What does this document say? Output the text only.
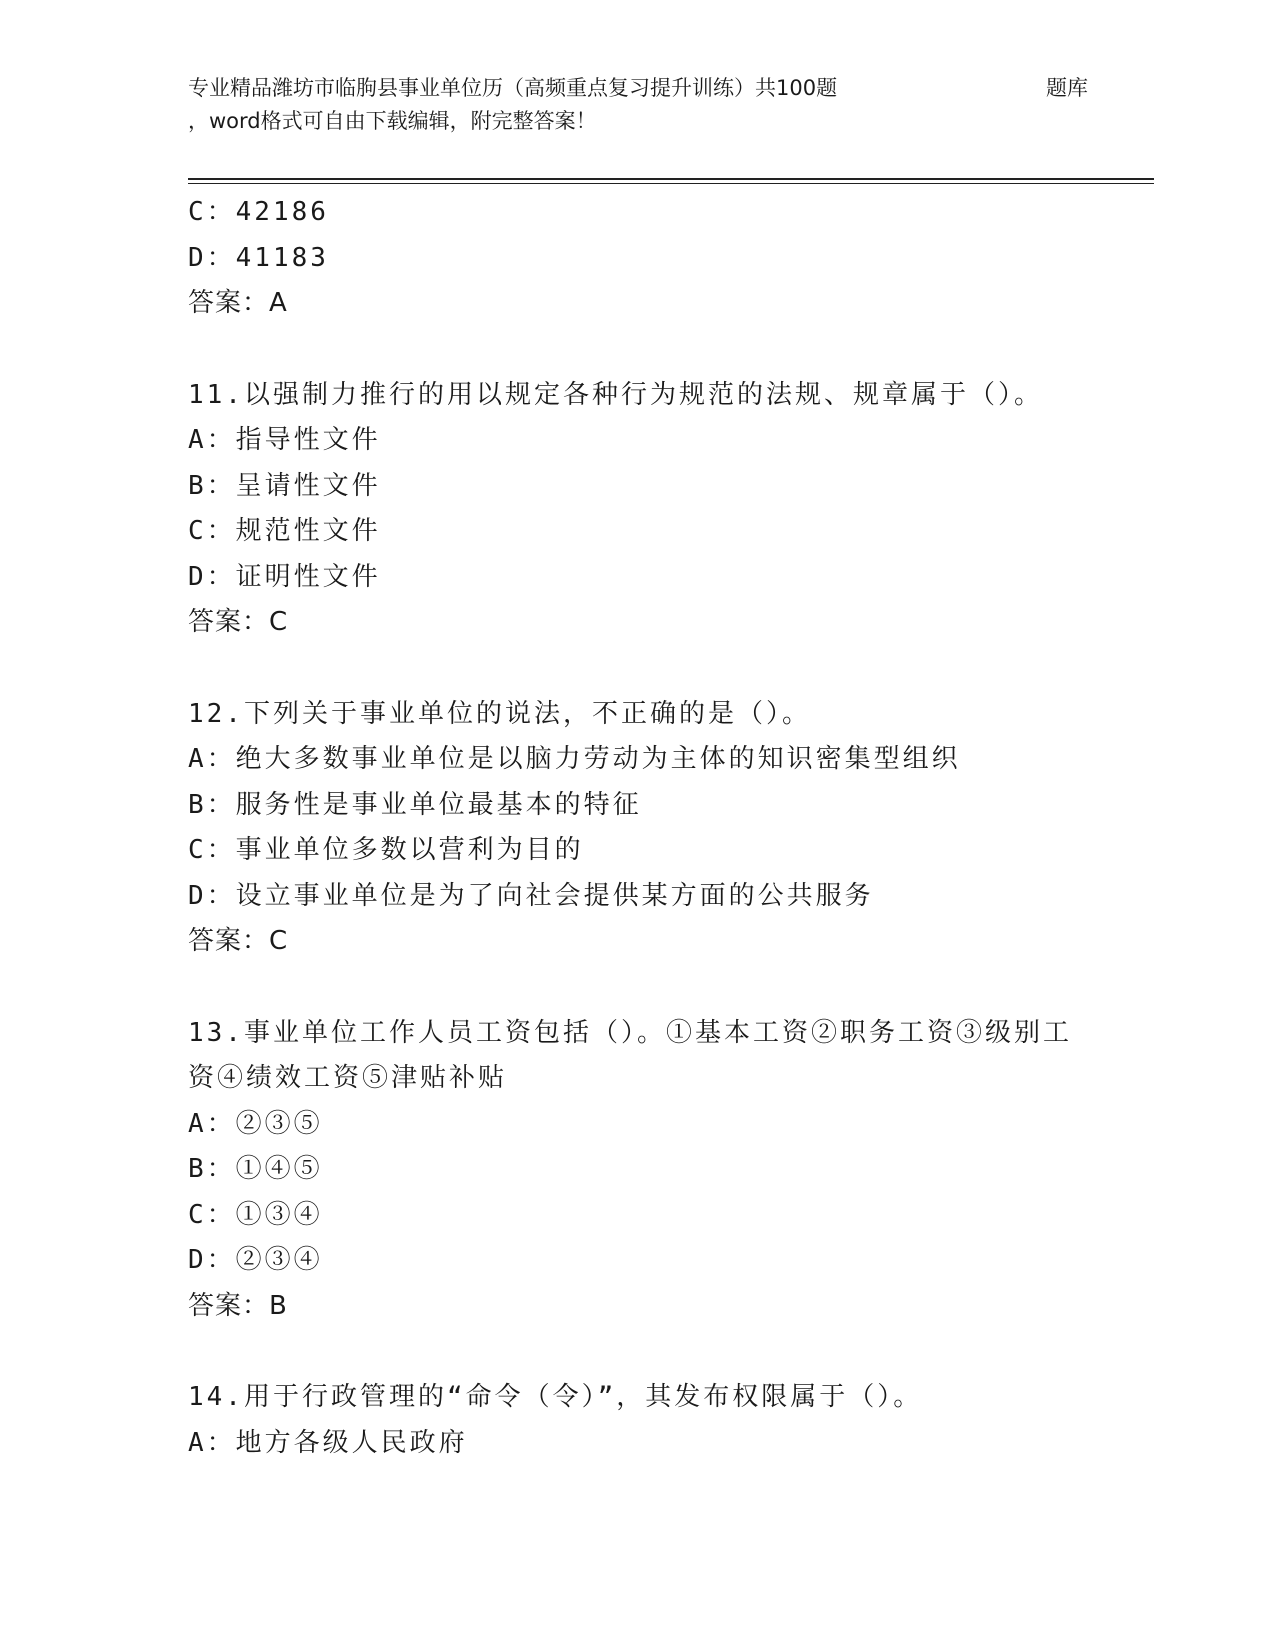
专业精品潍坊市临朐县事业单位历（高频重点复习提升训练）共100题	题库
，word格式可自由下载编辑，附完整答案！
C：42186
D：41183
答案：A
11.以强制力推行的用以规定各种行为规范的法规、规章属于（）。
A：指导性文件
B：呈请性文件
C：规范性文件
D：证明性文件
答案：C
12.下列关于事业单位的说法，不正确的是（）。
A：绝大多数事业单位是以脑力劳动为主体的知识密集型组织
B：服务性是事业单位最基本的特征
C：事业单位多数以营利为目的
D：设立事业单位是为了向社会提供某方面的公共服务
答案：C
13.事业单位工作人员工资包括（）。①基本工资②职务工资③级别工
资④绩效工资⑤津贴补贴
A：②③⑤
B：①④⑤
C：①③④
D：②③④
答案：B
14.用于行政管理的“命令（令）”，其发布权限属于（）。
A：地方各级人民政府
